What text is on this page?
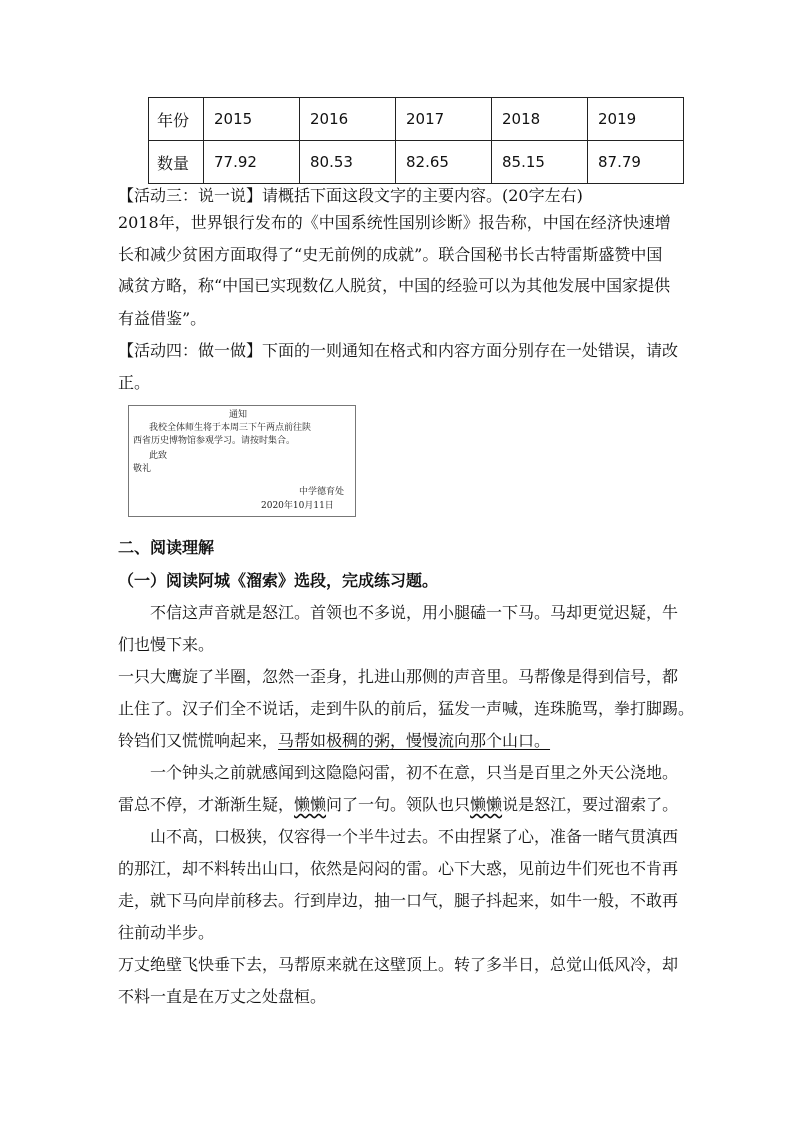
年份	2015	2016	2017	2018	2019
数量	77.92	80.53	82.65	85.15	87.79
【活动三：说一说】请概括下面这段文字的主要内容。(20字左右)
2018年，世界银行发布的《中国系统性国别诊断》报告称，中国在经济快速增
长和减少贫困方面取得了“史无前例的成就”。联合国秘书长古特雷斯盛赞中国
减贫方略，称“中国已实现数亿人脱贫，中国的经验可以为其他发展中国家提供
有益借鉴”。
【活动四：做一做】下面的一则通知在格式和内容方面分别存在一处错误，请改
正。
通知
我校全体师生将于本周三下午两点前往陕
西省历史博物馆参观学习。请按时集合。
此致
敬礼
中学德育处
2020年10月11日
二、阅读理解
（一）阅读阿城《溜索》选段，完成练习题。
不信这声音就是怒江。首领也不多说，用小腿磕一下马。马却更觉迟疑，牛
们也慢下来。
一只大鹰旋了半圈，忽然一歪身，扎进山那侧的声音里。马帮像是得到信号，都
止住了。汉子们全不说话，走到牛队的前后，猛发一声喊，连珠脆骂，拳打脚踢。
铃铛们又慌慌响起来，马帮如极稠的粥，慢慢流向那个山口。
一个钟头之前就感闻到这隐隐闷雷，初不在意，只当是百里之外天公浇地。
雷总不停，才渐渐生疑，懒懒问了一句。领队也只懒懒说是怒江，要过溜索了。
山不高，口极狭，仅容得一个半牛过去。不由捏紧了心，准备一睹气贯滇西
的那江，却不料转出山口，依然是闷闷的雷。心下大惑，见前边牛们死也不肯再
走，就下马向岸前移去。行到岸边，抽一口气，腿子抖起来，如牛一般，不敢再
往前动半步。
万丈绝壁飞快垂下去，马帮原来就在这壁顶上。转了多半日，总觉山低风冷，却
不料一直是在万丈之处盘桓。
